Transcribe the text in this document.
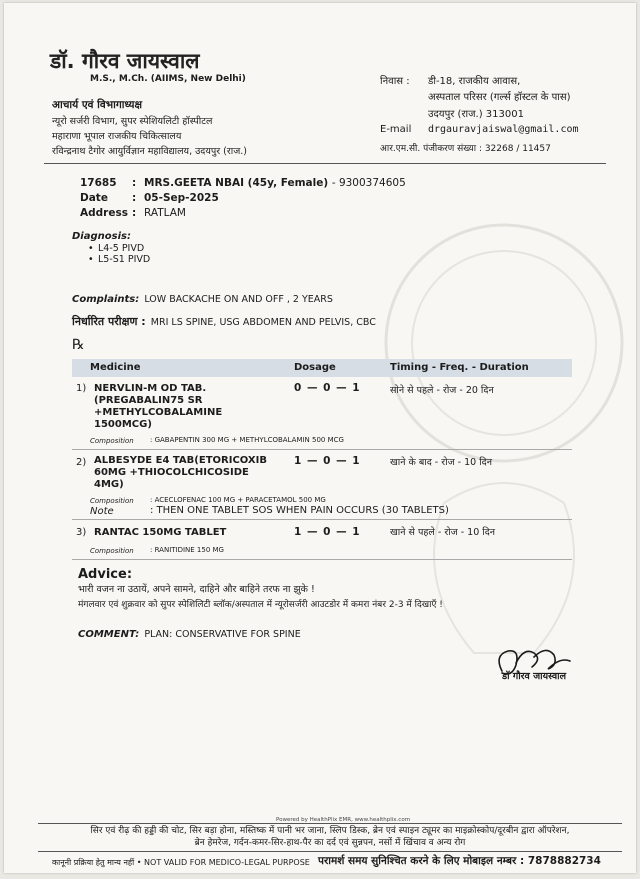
डॉ. गौरव जायस्वाल
M.S., M.Ch. (AIIMS, New Delhi)
आचार्य एवं विभागाध्यक्ष
न्यूरो सर्जरी विभाग, सुपर स्पेशियलिटी हॉस्पीटल
महाराणा भूपाल राजकीय चिकित्सालय
रविन्द्रनाथ टैगोर आयुर्विज्ञान महाविद्यालय, उदयपुर (राज.)
निवास : डी-18, राजकीय आवास,
अस्पताल परिसर (गर्ल्स हॉस्टल के पास)
उदयपुर (राज.) 313001
E-mail drgauravjaiswal@gmail.com
आर.एम.सी. पंजीकरण संख्या : 32268 / 11457
17685 : MRS.GEETA NBAI (45y, Female) - 9300374605
Date : 05-Sep-2025
Address : RATLAM
Diagnosis:
• L4-5 PIVD
• L5-S1 PIVD
Complaints: LOW BACKACHE ON AND OFF , 2 YEARS
निर्धारित परीक्षण : MRI LS SPINE, USG ABDOMEN AND PELVIS, CBC
℞
Medicine	Dosage	Timing - Freq. - Duration
1) NERVLIN-M OD TAB.
(PREGABALIN75 SR
+METHYLCOBALAMINE
1500MCG)
0 — 0 — 1	सोने से पहले - रोज - 20 दिन
Composition : GABAPENTIN 300 MG + METHYLCOBALAMIN 500 MCG
2) ALBESYDE E4 TAB(ETORICOXIB
60MG +THIOCOLCHICOSIDE
4MG)
1 — 0 — 1	खाने के बाद - रोज - 10 दिन
Composition : ACECLOFENAC 100 MG + PARACETAMOL 500 MG
Note	: THEN ONE TABLET SOS WHEN PAIN OCCURS (30 TABLETS)
3) RANTAC 150MG TABLET	1 — 0 — 1	खाने से पहले - रोज - 10 दिन
Composition : RANITIDINE 150 MG
Advice:
भारी वजन ना उठायें, अपने सामने, दाहिने और बाहिने तरफ ना झुके !
मंगलवार एवं शुक्रवार को सुपर स्पेशिलिटी ब्लॉक/अस्पताल में न्यूरोसर्जरी आउटडोर में कमरा नंबर 2-3 में दिखाएँ !
COMMENT: PLAN: CONSERVATIVE FOR SPINE
डॉ गौरव जायस्वाल
Powered by HealthPlix EMR, www.healthplix.com
सिर एवं रीढ़ की हड्डी की चोट, सिर बड़ा होना, मस्तिष्क में पानी भर जाना, स्लिप डिस्क, ब्रेन एवं स्पाइन ट्यूमर का माइक्रोस्कोप/दूरबीन द्वारा ऑपरेशन,
ब्रेन हेमरेज, गर्दन-कमर-सिर-हाथ-पैर का दर्द एवं सुन्नपन, नसों में खिंचाव व अन्य रोग
कानूनी प्रक्रिया हेतु मान्य नहीं • NOT VALID FOR MEDICO-LEGAL PURPOSE परामर्श समय सुनिश्चित करने के लिए मोबाइल नम्बर : 7878882734
